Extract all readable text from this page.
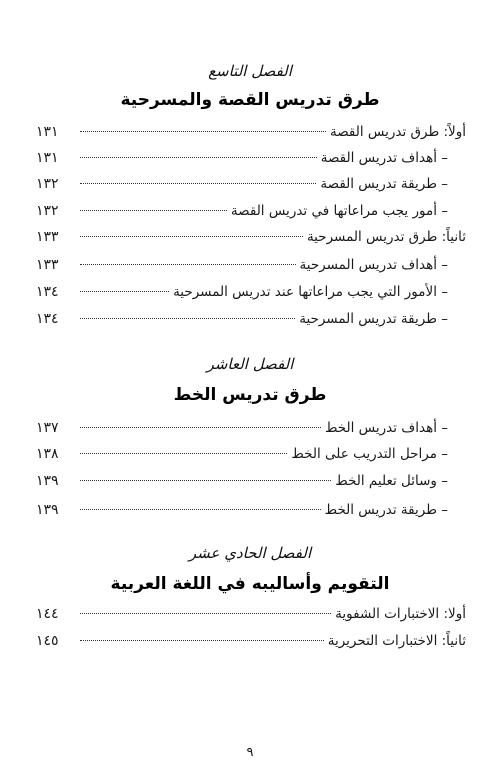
الفصل التاسع
طرق تدريس القصة والمسرحية
أولاً: طرق تدريس القصة
١٣١
– أهداف تدريس القصة
١٣١
– طريقة تدريس القصة
١٣٢
– أمور يجب مراعاتها في تدريس القصة
١٣٢
ثانياً: طرق تدريس المسرحية
١٣٣
– أهداف تدريس المسرحية
١٣٣
– الأمور التي يجب مراعاتها عند تدريس المسرحية
١٣٤
– طريقة تدريس المسرحية
١٣٤
الفصل العاشر
طرق تدريس الخط
– أهداف تدريس الخط
١٣٧
– مراحل التدريب على الخط
١٣٨
– وسائل تعليم الخط
١٣٩
– طريقة تدريس الخط
١٣٩
الفصل الحادي عشر
التقويم وأساليبه في اللغة العربية
أولا: الاختبارات الشفوية
١٤٤
ثانياً: الاختبارات التحريرية
١٤٥
٩
